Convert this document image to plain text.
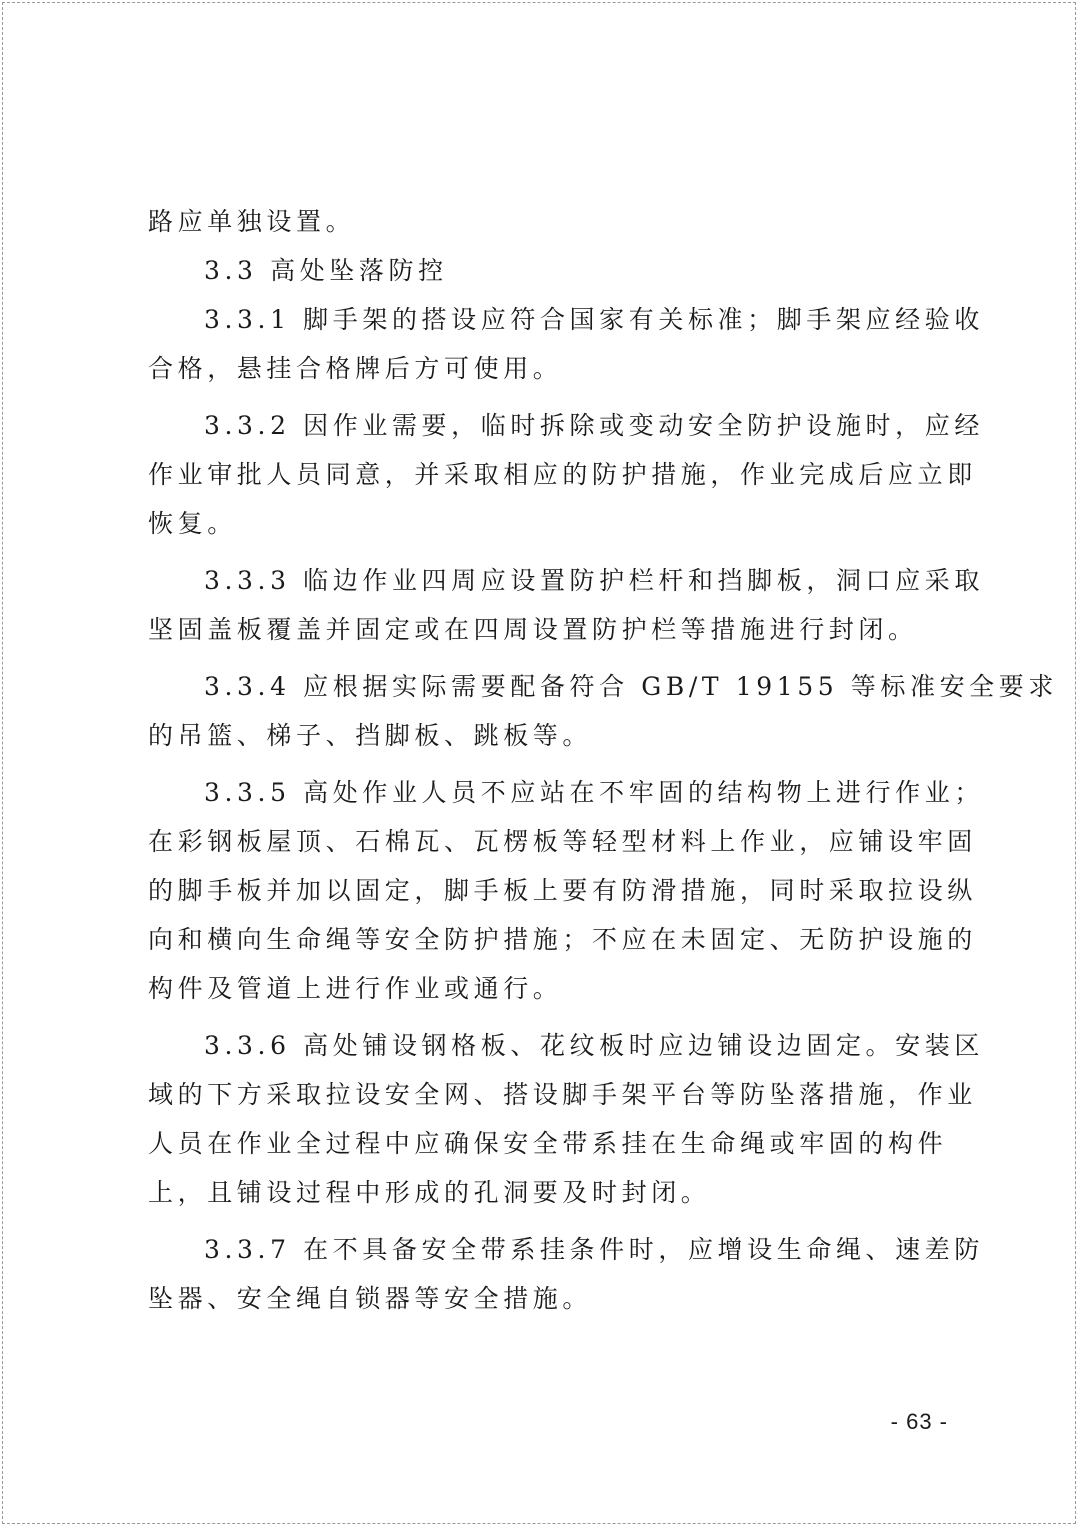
路应单独设置。
3.3 高处坠落防控
3.3.1 脚手架的搭设应符合国家有关标准；脚手架应经验收
合格，悬挂合格牌后方可使用。
3.3.2 因作业需要，临时拆除或变动安全防护设施时，应经
作业审批人员同意，并采取相应的防护措施，作业完成后应立即
恢复。
3.3.3 临边作业四周应设置防护栏杆和挡脚板，洞口应采取
坚固盖板覆盖并固定或在四周设置防护栏等措施进行封闭。
3.3.4 应根据实际需要配备符合 GB/T 19155 等标准安全要求
的吊篮、梯子、挡脚板、跳板等。
3.3.5 高处作业人员不应站在不牢固的结构物上进行作业；
在彩钢板屋顶、石棉瓦、瓦楞板等轻型材料上作业，应铺设牢固
的脚手板并加以固定，脚手板上要有防滑措施，同时采取拉设纵
向和横向生命绳等安全防护措施；不应在未固定、无防护设施的
构件及管道上进行作业或通行。
3.3.6 高处铺设钢格板、花纹板时应边铺设边固定。安装区
域的下方采取拉设安全网、搭设脚手架平台等防坠落措施，作业
人员在作业全过程中应确保安全带系挂在生命绳或牢固的构件
上，且铺设过程中形成的孔洞要及时封闭。
3.3.7 在不具备安全带系挂条件时，应增设生命绳、速差防
坠器、安全绳自锁器等安全措施。
- 63 -
